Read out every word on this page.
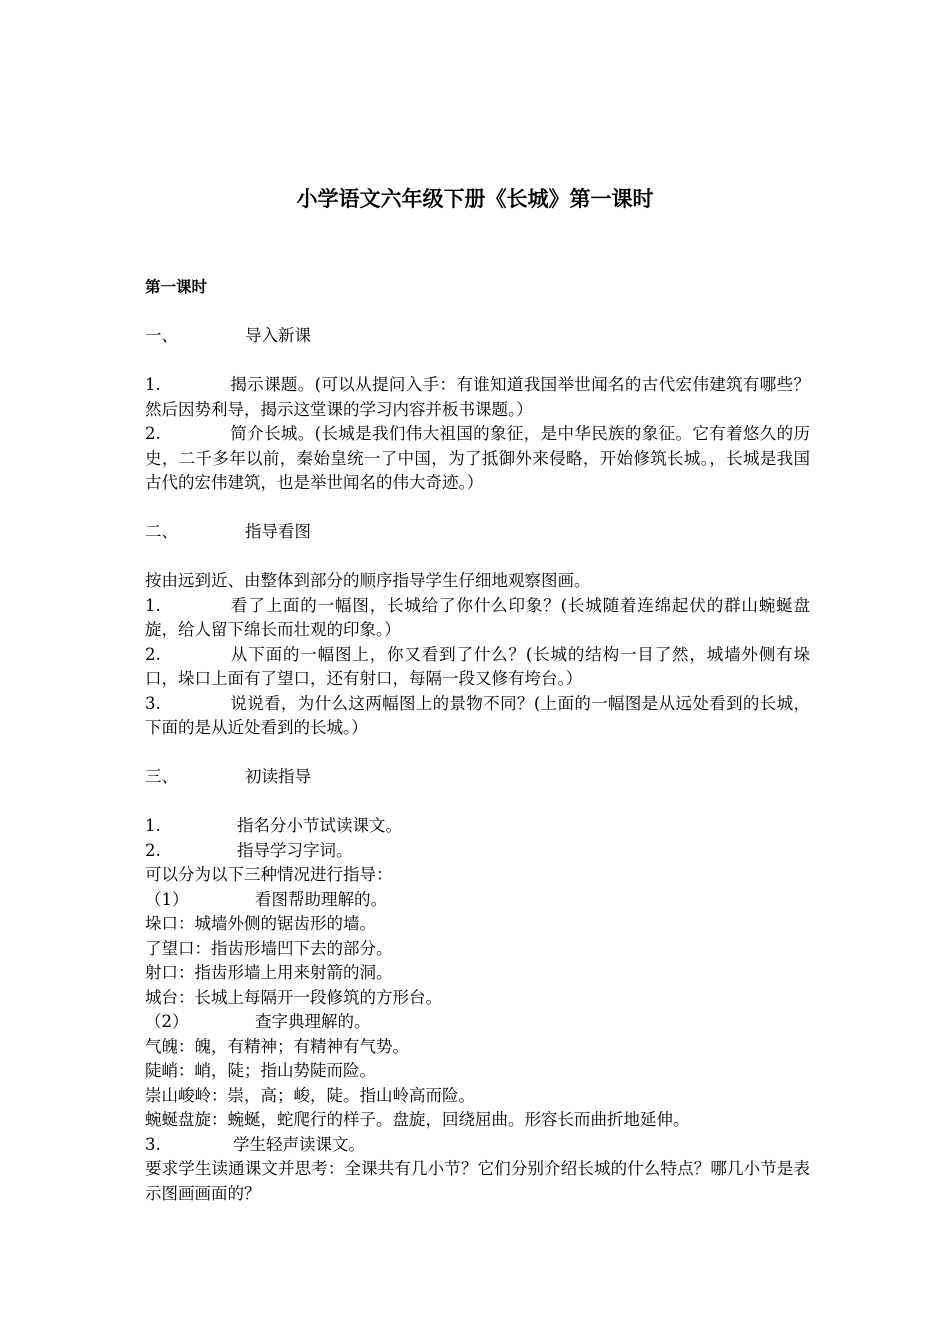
小学语文六年级下册《长城》第一课时
第一课时
一、	导入新课
1.	揭示课题。(可以从提问入手：有谁知道我国举世闻名的古代宏伟建筑有哪些？然后因势利导，揭示这堂课的学习内容并板书课题。）
2.	简介长城。(长城是我们伟大祖国的象征，是中华民族的象征。它有着悠久的历史，二千多年以前，秦始皇统一了中国，为了抵御外来侵略，开始修筑长城。，长城是我国古代的宏伟建筑，也是举世闻名的伟大奇迹。）
二、	指导看图
按由远到近、由整体到部分的顺序指导学生仔细地观察图画。
1.	看了上面的一幅图，长城给了你什么印象？(长城随着连绵起伏的群山蜿蜒盘旋，给人留下绵长而壮观的印象。）
2.	从下面的一幅图上，你又看到了什么？(长城的结构一目了然，城墙外侧有垛口，垛口上面有了望口，还有射口，每隔一段又修有垮台。）
3.	说说看，为什么这两幅图上的景物不同？(上面的一幅图是从远处看到的长城，下面的是从近处看到的长城。）
三、	初读指导
1.	指名分小节试读课文。
2.	指导学习字词。
可以分为以下三种情况进行指导：
（1）	看图帮助理解的。
垛口：城墙外侧的锯齿形的墙。
了望口：指齿形墙凹下去的部分。
射口：指齿形墙上用来射箭的洞。
城台：长城上每隔开一段修筑的方形台。
（2）	查字典理解的。
气魄：魄，有精神；有精神有气势。
陡峭：峭，陡；指山势陡而险。
崇山峻岭：崇，高；峻，陡。指山岭高而险。
蜿蜒盘旋：蜿蜒，蛇爬行的样子。盘旋，回绕屈曲。形容长而曲折地延伸。
3.	学生轻声读课文。
要求学生读通课文并思考：全课共有几小节？它们分别介绍长城的什么特点？哪几小节是表示图画画面的？
